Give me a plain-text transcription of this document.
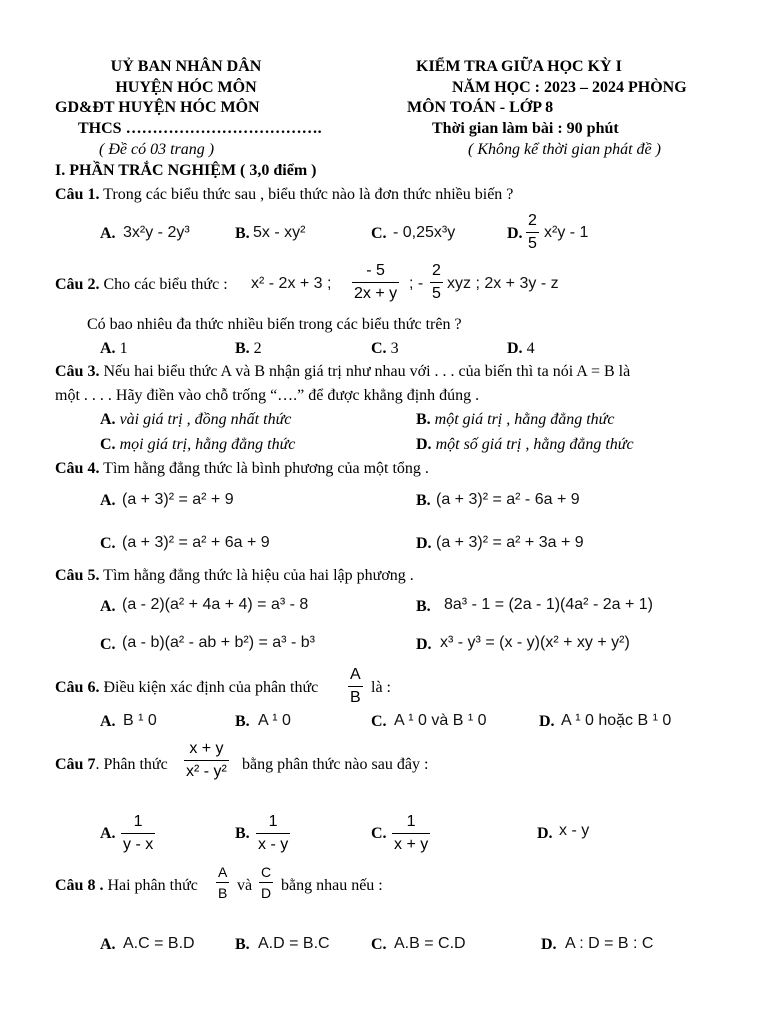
UỶ BAN NHÂN DÂN
HUYỆN HÓC MÔN
GD&ĐT HUYỆN HÓC MÔN
THCS ……………………………….
( Đề có 03 trang )
KIỂM TRA GIỮA HỌC KỲ I
NĂM HỌC : 2023 – 2024 PHÒNG
MÔN TOÁN - LỚP 8
Thời gian làm bài : 90 phút
( Không kể thời gian phát đề )
I. PHẦN TRẮC NGHIỆM ( 3,0 điểm )
Câu 1. Trong các biểu thức sau , biểu thức nào là đơn thức nhiều biến ?
A. 3x²y - 2y³	B. 5x - xy²	C. - 0,25x³y	D. $\frac{2}{5} x^2y - 1$
Câu 2. Cho các biểu thức : x² - 2x + 3 ; $\frac{- 5}{2x + y}$ ; - $\frac{2}{5}$ xyz ; 2x + 3y - z
Có bao nhiêu đa thức nhiều biến trong các biểu thức trên ?
A. 1	B. 2	C. 3	D. 4
Câu 3. Nếu hai biểu thức A và B nhận giá trị như nhau với . . . của biến thì ta nói A = B là
một . . . . Hãy điền vào chỗ trống “….” để được khẳng định đúng .
A. vài giá trị , đồng nhất thức	B. một giá trị , hằng đẳng thức
C. mọi giá trị, hằng đẳng thức	D. một số giá trị , hằng đẳng thức
Câu 4. Tìm hằng đẳng thức là bình phương của một tổng .
A. (a + 3)² = a² + 9	B. (a + 3)² = a² - 6a + 9
C. (a + 3)² = a² + 6a + 9	D. (a + 3)² = a² + 3a + 9
Câu 5. Tìm hằng đẳng thức là hiệu của hai lập phương .
A. (a - 2)(a² + 4a + 4) = a³ - 8	B. 8a³ - 1 = (2a - 1)(4a² - 2a + 1)
C. (a - b)(a² - ab + b²) = a³ - b³	D. x³ - y³ = (x - y)(x² + xy + y²)
Câu 6. Điều kiện xác định của phân thức $\frac{A}{B}$ là :
A. B ¹ 0	B. A ¹ 0	C. A ¹ 0 và B ¹ 0	D. A ¹ 0 hoặc B ¹ 0
Câu 7. Phân thức $\frac{x + y}{\text{x² - y²}}$ bằng phân thức nào sau đây :
A. $\frac{1}{y - x}$	B. $\frac{1}{x - y}$	C. $\frac{1}{x + y}$	D. x - y
Câu 8 . Hai phân thức $\frac{A}{B}$ và $\frac{C}{D}$ bằng nhau nếu :
A. A.C = B.D	B. A.D = B.C	C. A.B = C.D	D. A : D = B : C
